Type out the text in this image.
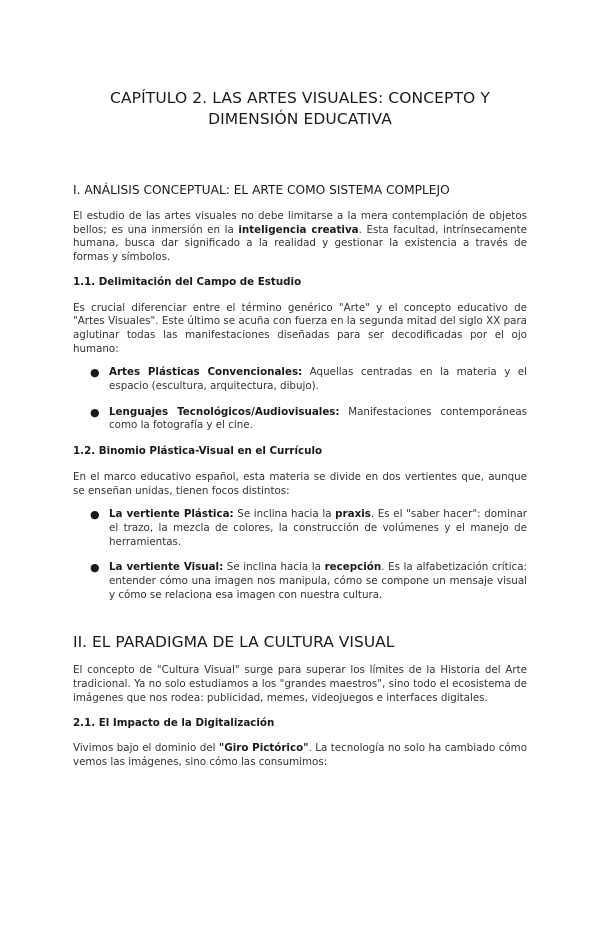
CAPÍTULO 2. LAS ARTES VISUALES: CONCEPTO Y
DIMENSIÓN EDUCATIVA
I. ANÁLISIS CONCEPTUAL: EL ARTE COMO SISTEMA COMPLEJO

El estudio de las artes visuales no debe limitarse a la mera contemplación de objetos bellos; es una inmersión en la inteligencia creativa. Esta facultad, intrínsecamente humana, busca dar significado a la realidad y gestionar la existencia a través de formas y símbolos.

1.1. Delimitación del Campo de Estudio

Es crucial diferenciar entre el término genérico "Arte" y el concepto educativo de "Artes Visuales". Este último se acuña con fuerza en la segunda mitad del siglo XX para aglutinar todas las manifestaciones diseñadas para ser decodificadas por el ojo humano:

● Artes Plásticas Convencionales: Aquellas centradas en la materia y el espacio (escultura, arquitectura, dibujo).
● Lenguajes Tecnológicos/Audiovisuales: Manifestaciones contemporáneas como la fotografía y el cine.
1.2. Binomio Plástica-Visual en el Currículo

En el marco educativo español, esta materia se divide en dos vertientes que, aunque se enseñan unidas, tienen focos distintos:

● La vertiente Plástica: Se inclina hacia la praxis. Es el "saber hacer": dominar el trazo, la mezcla de colores, la construcción de volúmenes y el manejo de herramientas.
● La vertiente Visual: Se inclina hacia la recepción. Es la alfabetización crítica: entender cómo una imagen nos manipula, cómo se compone un mensaje visual y cómo se relaciona esa imagen con nuestra cultura.
II. EL PARADIGMA DE LA CULTURA VISUAL

El concepto de "Cultura Visual" surge para superar los límites de la Historia del Arte tradicional. Ya no solo estudiamos a los "grandes maestros", sino todo el ecosistema de imágenes que nos rodea: publicidad, memes, videojuegos e interfaces digitales.

2.1. El Impacto de la Digitalización

Vivimos bajo el dominio del "Giro Pictórico". La tecnología no solo ha cambiado cómo vemos las imágenes, sino cómo las consumimos:
